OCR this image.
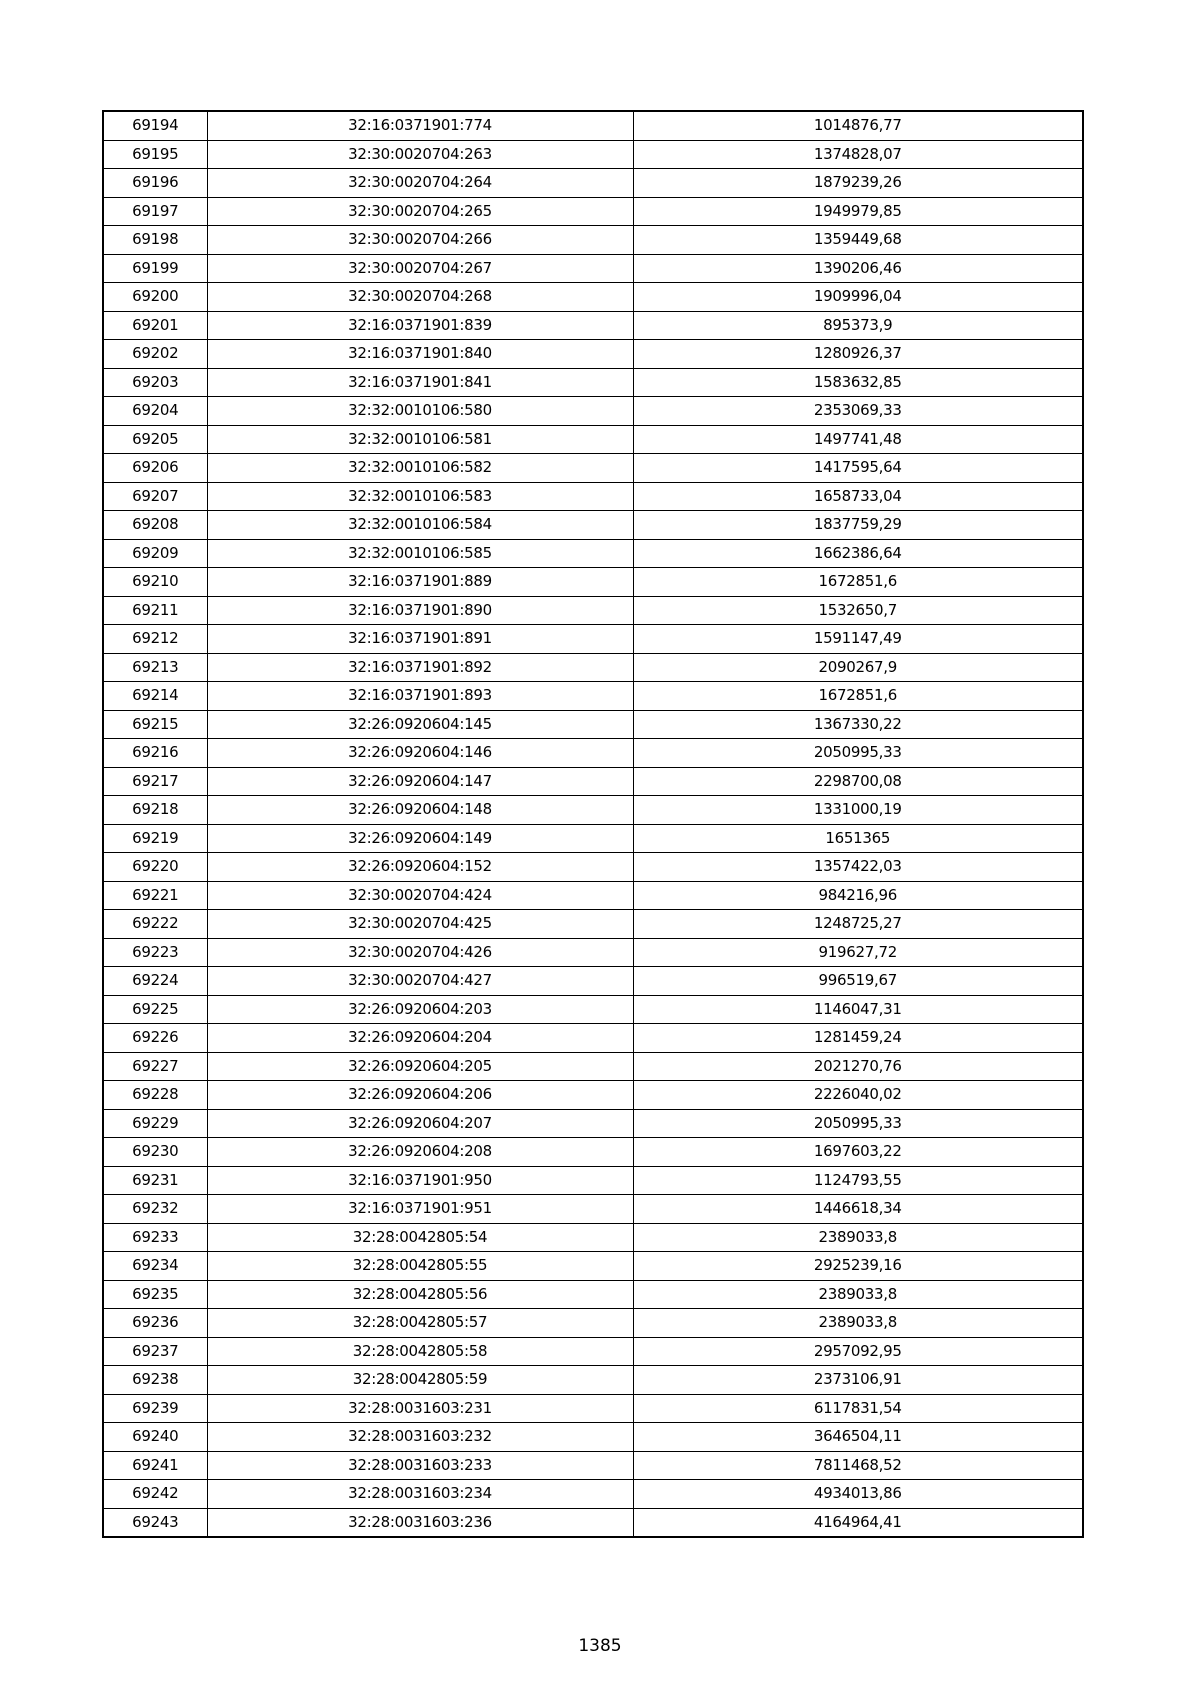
69194	32:16:0371901:774	1014876,77
69195	32:30:0020704:263	1374828,07
69196	32:30:0020704:264	1879239,26
69197	32:30:0020704:265	1949979,85
69198	32:30:0020704:266	1359449,68
69199	32:30:0020704:267	1390206,46
69200	32:30:0020704:268	1909996,04
69201	32:16:0371901:839	895373,9
69202	32:16:0371901:840	1280926,37
69203	32:16:0371901:841	1583632,85
69204	32:32:0010106:580	2353069,33
69205	32:32:0010106:581	1497741,48
69206	32:32:0010106:582	1417595,64
69207	32:32:0010106:583	1658733,04
69208	32:32:0010106:584	1837759,29
69209	32:32:0010106:585	1662386,64
69210	32:16:0371901:889	1672851,6
69211	32:16:0371901:890	1532650,7
69212	32:16:0371901:891	1591147,49
69213	32:16:0371901:892	2090267,9
69214	32:16:0371901:893	1672851,6
69215	32:26:0920604:145	1367330,22
69216	32:26:0920604:146	2050995,33
69217	32:26:0920604:147	2298700,08
69218	32:26:0920604:148	1331000,19
69219	32:26:0920604:149	1651365
69220	32:26:0920604:152	1357422,03
69221	32:30:0020704:424	984216,96
69222	32:30:0020704:425	1248725,27
69223	32:30:0020704:426	919627,72
69224	32:30:0020704:427	996519,67
69225	32:26:0920604:203	1146047,31
69226	32:26:0920604:204	1281459,24
69227	32:26:0920604:205	2021270,76
69228	32:26:0920604:206	2226040,02
69229	32:26:0920604:207	2050995,33
69230	32:26:0920604:208	1697603,22
69231	32:16:0371901:950	1124793,55
69232	32:16:0371901:951	1446618,34
69233	32:28:0042805:54	2389033,8
69234	32:28:0042805:55	2925239,16
69235	32:28:0042805:56	2389033,8
69236	32:28:0042805:57	2389033,8
69237	32:28:0042805:58	2957092,95
69238	32:28:0042805:59	2373106,91
69239	32:28:0031603:231	6117831,54
69240	32:28:0031603:232	3646504,11
69241	32:28:0031603:233	7811468,52
69242	32:28:0031603:234	4934013,86
69243	32:28:0031603:236	4164964,41
1385
